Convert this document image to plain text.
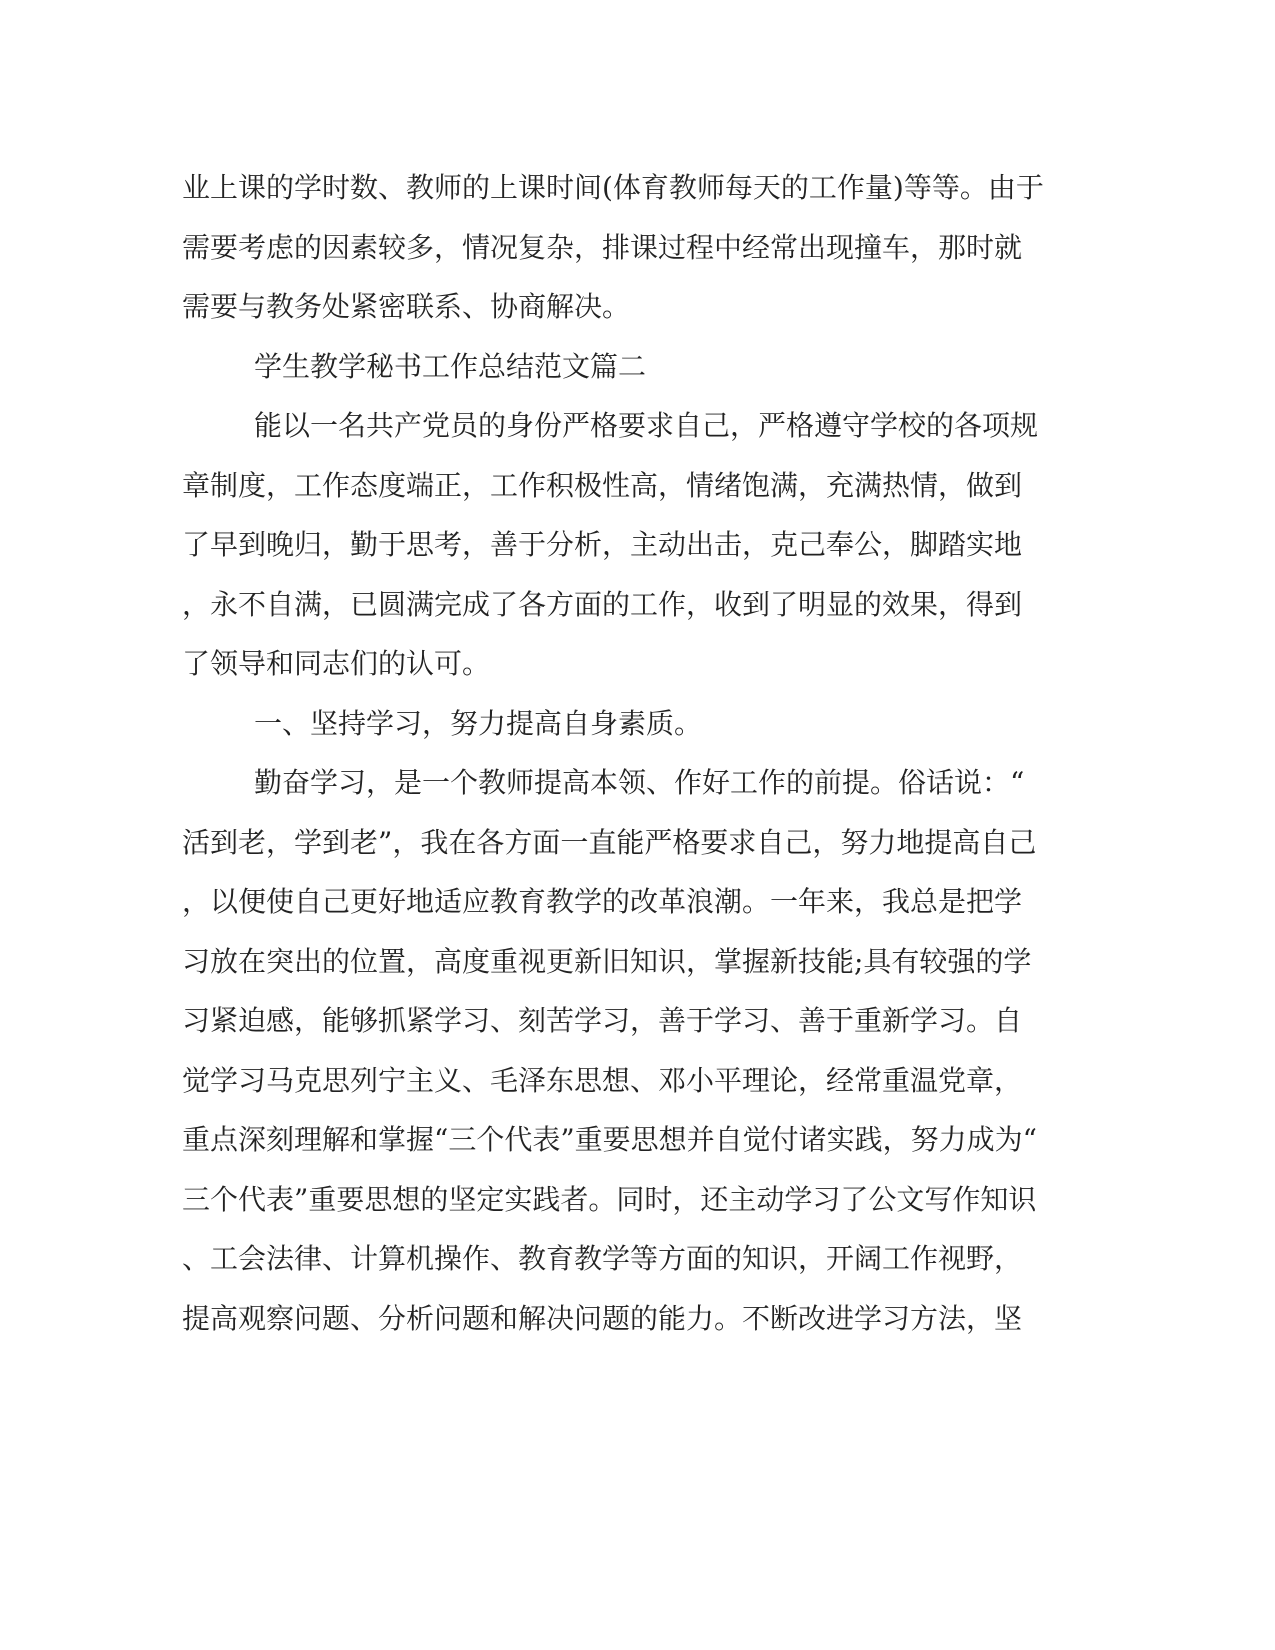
业上课的学时数、教师的上课时间(体育教师每天的工作量)等等。由于
需要考虑的因素较多，情况复杂，排课过程中经常出现撞车，那时就
需要与教务处紧密联系、协商解决。
学生教学秘书工作总结范文篇二
能以一名共产党员的身份严格要求自己，严格遵守学校的各项规
章制度，工作态度端正，工作积极性高，情绪饱满，充满热情，做到
了早到晚归，勤于思考，善于分析，主动出击，克己奉公，脚踏实地
，永不自满，已圆满完成了各方面的工作，收到了明显的效果，得到
了领导和同志们的认可。
一、坚持学习，努力提高自身素质。
勤奋学习，是一个教师提高本领、作好工作的前提。俗话说：“
活到老，学到老”，我在各方面一直能严格要求自己，努力地提高自己
，以便使自己更好地适应教育教学的改革浪潮。一年来，我总是把学
习放在突出的位置，高度重视更新旧知识，掌握新技能;具有较强的学
习紧迫感，能够抓紧学习、刻苦学习，善于学习、善于重新学习。自
觉学习马克思列宁主义、毛泽东思想、邓小平理论，经常重温党章，
重点深刻理解和掌握“三个代表”重要思想并自觉付诸实践，努力成为“
三个代表”重要思想的坚定实践者。同时，还主动学习了公文写作知识
、工会法律、计算机操作、教育教学等方面的知识，开阔工作视野，
提高观察问题、分析问题和解决问题的能力。不断改进学习方法，坚
